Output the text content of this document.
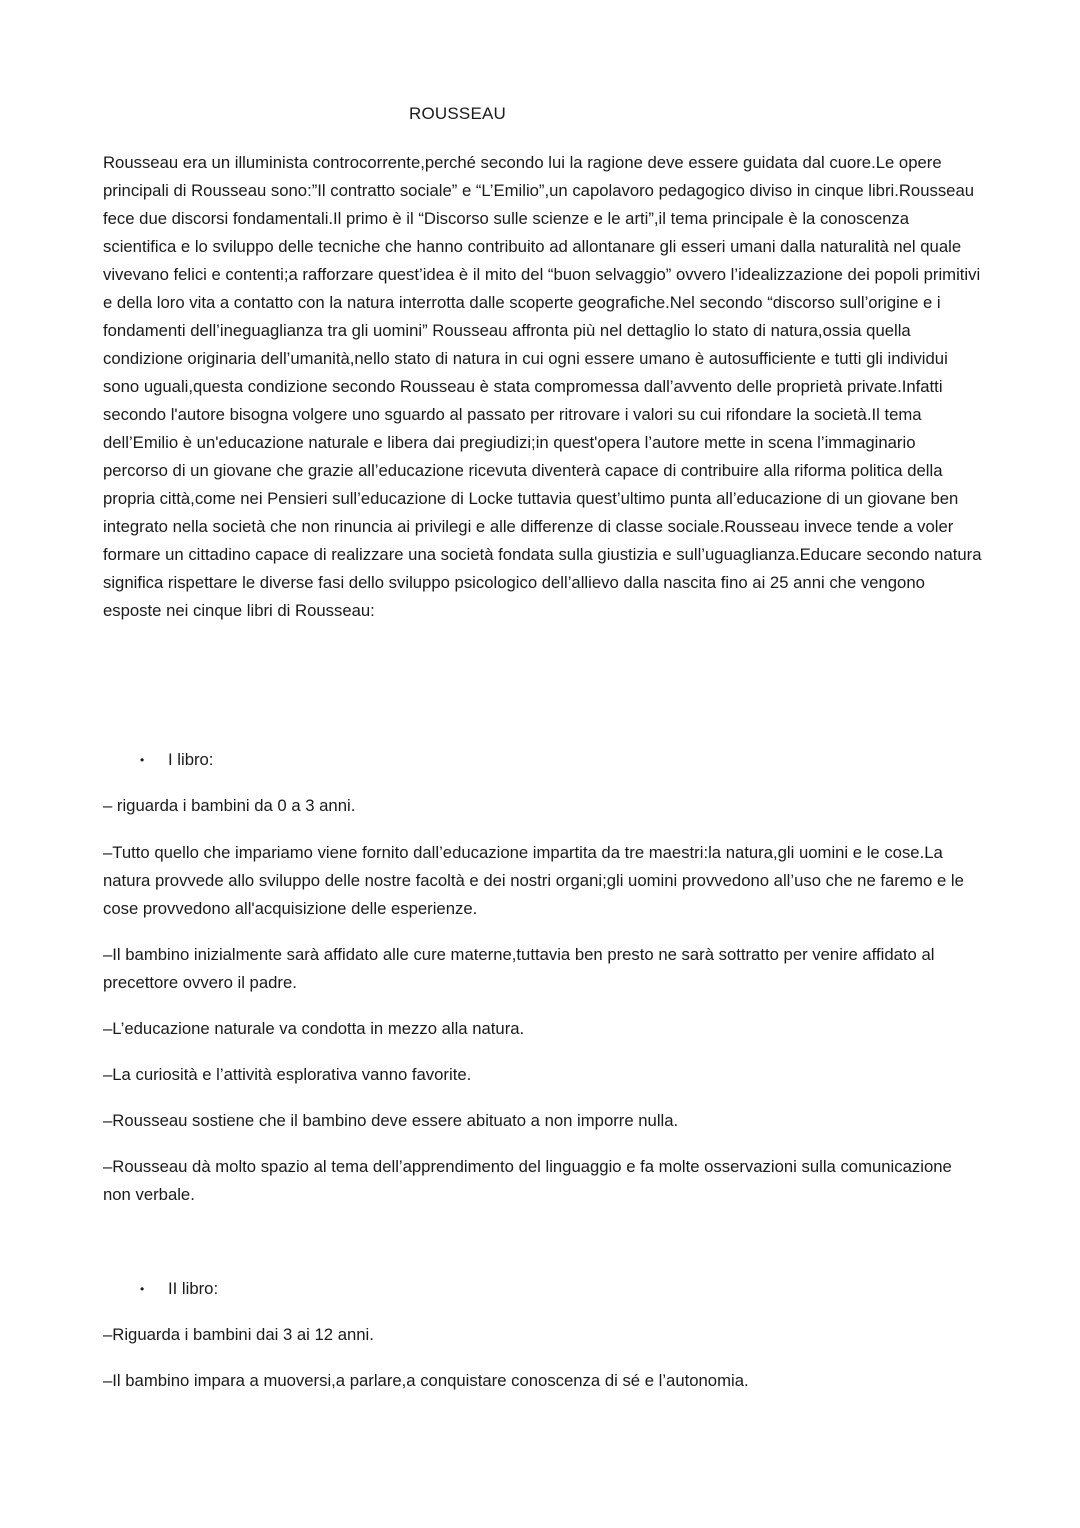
ROUSSEAU

Rousseau era un illuminista controcorrente,perché secondo lui la ragione deve essere guidata dal cuore.Le opere principali di Rousseau sono:”Il contratto sociale” e “L’Emilio”,un capolavoro pedagogico diviso in cinque libri.Rousseau fece due discorsi fondamentali.Il primo è il “Discorso sulle scienze e le arti”,il tema principale è la conoscenza scientifica e lo sviluppo delle tecniche che hanno contribuito ad allontanare gli esseri umani dalla naturalità nel quale vivevano felici e contenti;a rafforzare quest’idea è il mito del “buon selvaggio” ovvero l’idealizzazione dei popoli primitivi e della loro vita a contatto con la natura interrotta dalle scoperte geografiche.Nel secondo “discorso sull’origine e i fondamenti dell’ineguaglianza tra gli uomini” Rousseau affronta più nel dettaglio lo stato di natura,ossia quella condizione originaria dell’umanità,nello stato di natura in cui ogni essere umano è autosufficiente e tutti gli individui sono uguali,questa condizione secondo Rousseau è stata compromessa dall’avvento delle proprietà private.Infatti secondo l'autore bisogna volgere uno sguardo al passato per ritrovare i valori su cui rifondare la società.Il tema dell’Emilio è un'educazione naturale e libera dai pregiudizi;in quest'opera l’autore mette in scena l’immaginario percorso di un giovane che grazie all’educazione ricevuta diventerà capace di contribuire alla riforma politica della propria città,come nei Pensieri sull’educazione di Locke tuttavia quest’ultimo punta all’educazione di un giovane ben integrato nella società che non rinuncia ai privilegi e alle differenze di classe sociale.Rousseau invece tende a voler formare un cittadino capace di realizzare una società fondata sulla giustizia e sull’uguaglianza.Educare secondo natura significa rispettare le diverse fasi dello sviluppo psicologico dell’allievo dalla nascita fino ai 25 anni che vengono esposte nei cinque libri di Rousseau:

•	I libro:

– riguarda i bambini da 0 a 3 anni.

–Tutto quello che impariamo viene fornito dall’educazione impartita da tre maestri:la natura,gli uomini e le cose.La natura provvede allo sviluppo delle nostre facoltà e dei nostri organi;gli uomini provvedono all’uso che ne faremo e le cose provvedono all'acquisizione delle esperienze.

–Il bambino inizialmente sarà affidato alle cure materne,tuttavia ben presto ne sarà sottratto per venire affidato al precettore ovvero il padre.

–L’educazione naturale va condotta in mezzo alla natura.

–La curiosità e l’attività esplorativa vanno favorite.

–Rousseau sostiene che il bambino deve essere abituato a non imporre nulla.

–Rousseau dà molto spazio al tema dell’apprendimento del linguaggio e fa molte osservazioni sulla comunicazione non verbale.

•	II libro:

–Riguarda i bambini dai 3 ai 12 anni.

–Il bambino impara a muoversi,a parlare,a conquistare conoscenza di sé e l’autonomia.
